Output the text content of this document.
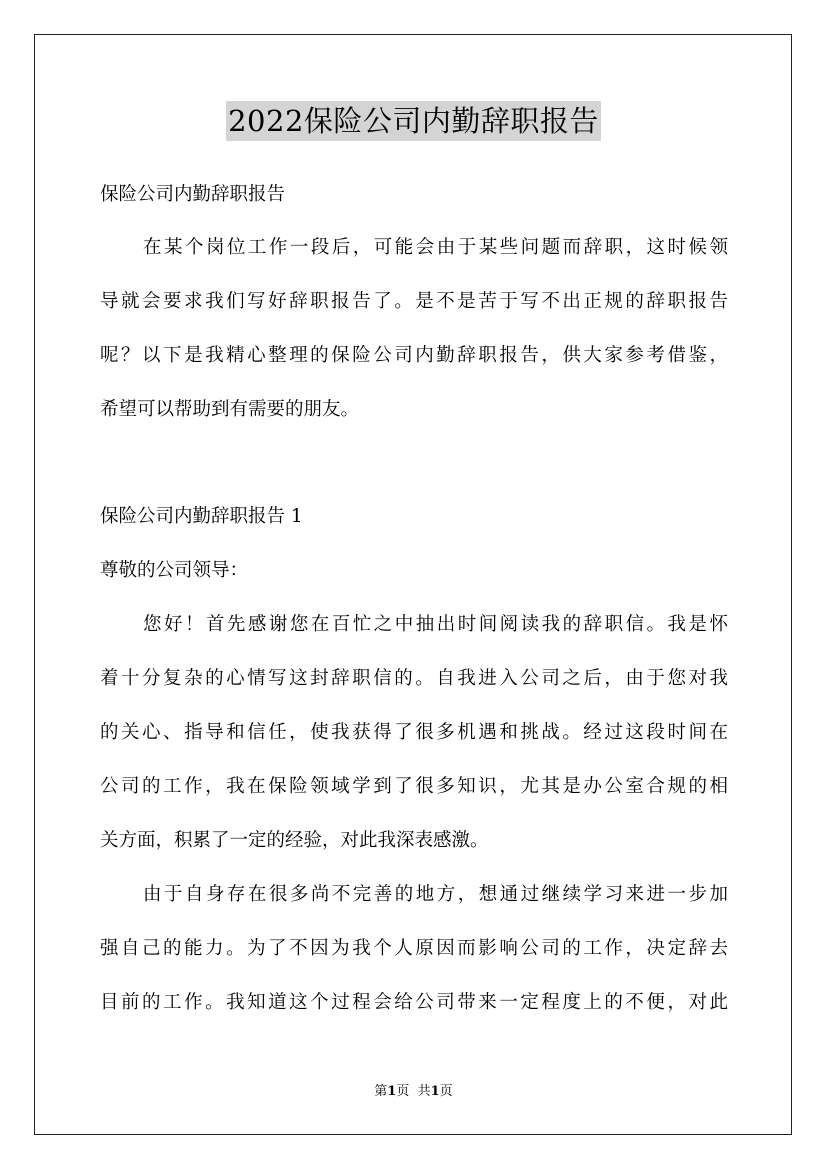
2022保险公司内勤辞职报告
保险公司内勤辞职报告
在某个岗位工作一段后，可能会由于某些问题而辞职，这时候领
导就会要求我们写好辞职报告了。是不是苦于写不出正规的辞职报告
呢？以下是我精心整理的保险公司内勤辞职报告，供大家参考借鉴，
希望可以帮助到有需要的朋友。
保险公司内勤辞职报告 1
尊敬的公司领导：
您好！首先感谢您在百忙之中抽出时间阅读我的辞职信。我是怀
着十分复杂的心情写这封辞职信的。自我进入公司之后，由于您对我
的关心、指导和信任，使我获得了很多机遇和挑战。经过这段时间在
公司的工作，我在保险领域学到了很多知识，尤其是办公室合规的相
关方面，积累了一定的经验，对此我深表感激。
由于自身存在很多尚不完善的地方，想通过继续学习来进一步加
强自己的能力。为了不因为我个人原因而影响公司的工作，决定辞去
目前的工作。我知道这个过程会给公司带来一定程度上的不便，对此
第1页 共1页
